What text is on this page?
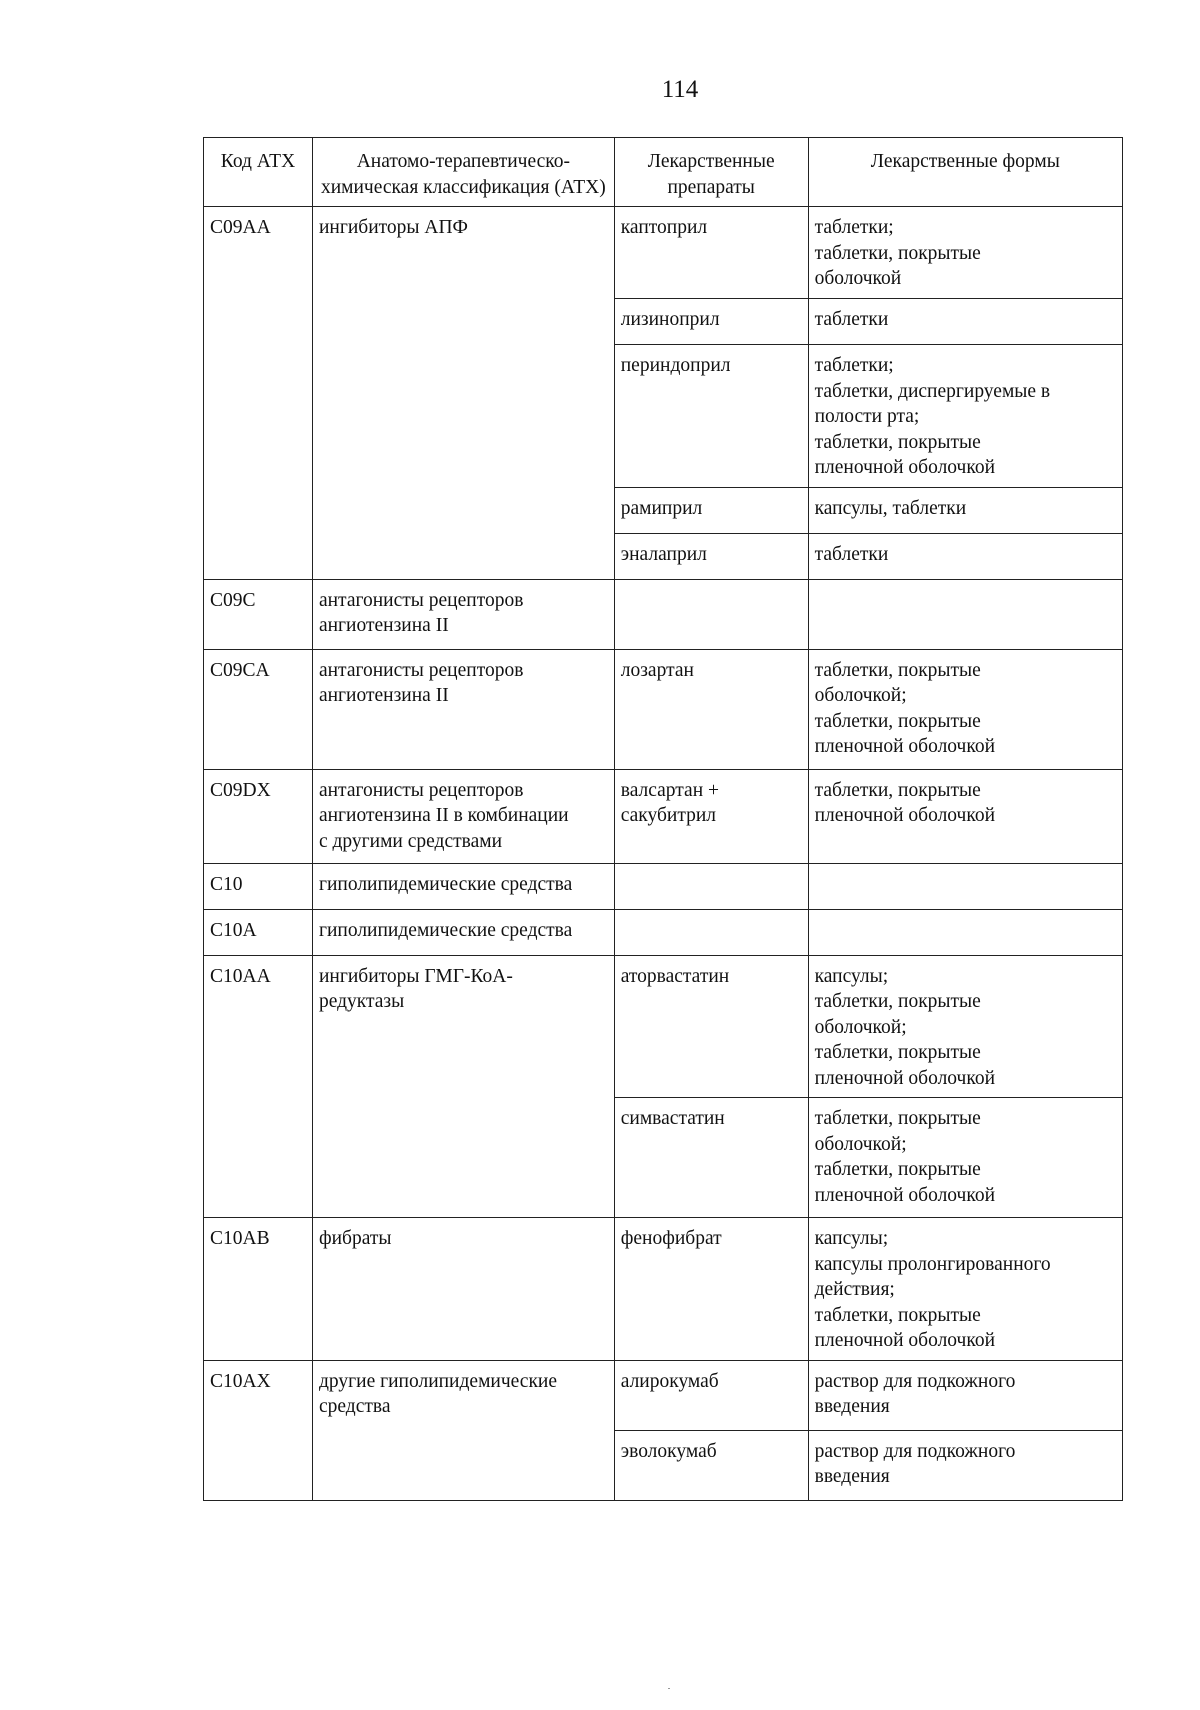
114
Код АТХ	Анатомо-терапевтическо- химическая классификация (АТХ)	Лекарственные препараты	Лекарственные формы

C09AA	ингибиторы АПФ	каптоприл	таблетки;
таблетки, покрытые
оболочкой

		лизиноприл	таблетки

		периндоприл	таблетки;
таблетки, диспергируемые в
полости рта;
таблетки, покрытые
пленочной оболочкой

		рамиприл	капсулы, таблетки

		эналаприл	таблетки

C09C	антагонисты рецепторов
ангиотензина II		

C09CA	антагонисты рецепторов
ангиотензина II	лозартан	таблетки, покрытые
оболочкой;
таблетки, покрытые
пленочной оболочкой

C09DX	антагонисты рецепторов
ангиотензина II в комбинации
с другими средствами	валсартан +
сакубитрил	таблетки, покрытые
пленочной оболочкой

C10	гиполипидемические средства		

C10A	гиполипидемические средства		

C10AA	ингибиторы ГМГ-КоА-
редуктазы	аторвастатин	капсулы;
таблетки, покрытые
оболочкой;
таблетки, покрытые
пленочной оболочкой

		симвастатин	таблетки, покрытые
оболочкой;
таблетки, покрытые
пленочной оболочкой

C10AB	фибраты	фенофибрат	капсулы;
капсулы пролонгированного
действия;
таблетки, покрытые
пленочной оболочкой

C10AX	другие гиполипидемические
средства	алирокумаб	раствор для подкожного
введения

		эволокумаб	раствор для подкожного
введения
